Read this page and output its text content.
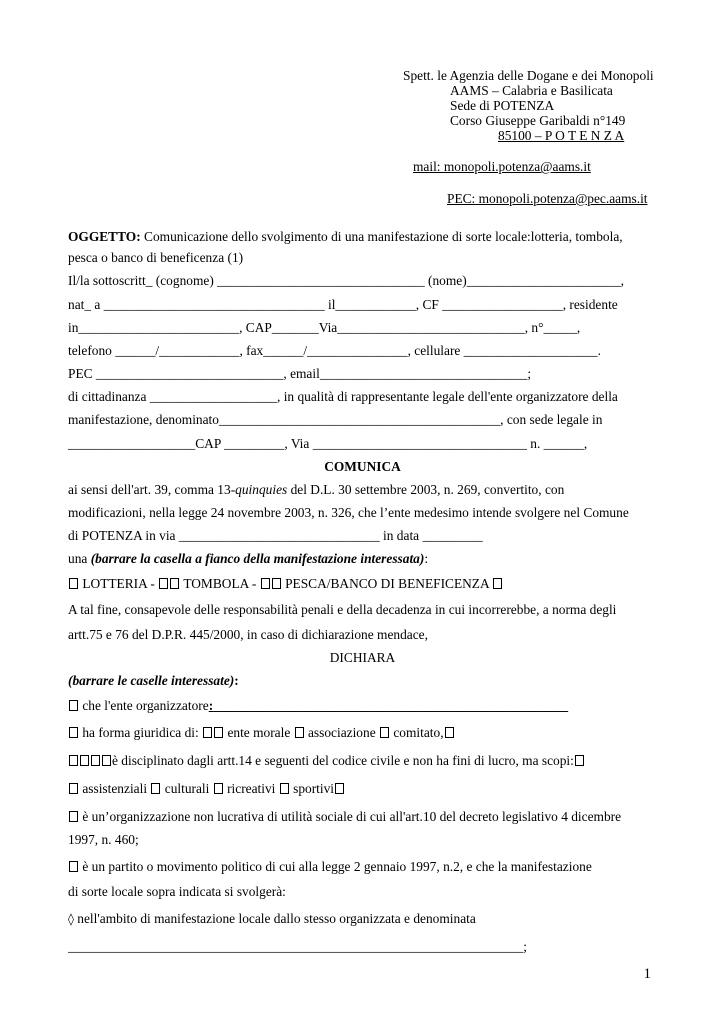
Spett. le Agenzia delle Dogane e dei Monopoli
AAMS – Calabria e Basilicata
Sede di POTENZA
Corso Giuseppe Garibaldi n°149
85100 – P O T E N Z A
mail: monopoli.potenza@aams.it
PEC: monopoli.potenza@pec.aams.it
OGGETTO: Comunicazione dello svolgimento di una manifestazione di sorte locale:lotteria, tombola,
pesca o banco di beneficenza (1)
Il/la sottoscritt_ (cognome) _______________________________ (nome)_______________________,
nat_ a _________________________________ il____________, CF __________________, residente
in________________________, CAP_______Via____________________________, n°_____,
telefono ______/____________, fax______/_______________, cellulare ____________________.
PEC ____________________________, email_______________________________;
di cittadinanza ___________________, in qualità di rappresentante legale dell'ente organizzatore della
manifestazione, denominato__________________________________________, con sede legale in
___________________CAP _________, Via ________________________________ n. ______,
COMUNICA
ai sensi dell'art. 39, comma 13-quinquies del D.L. 30 settembre 2003, n. 269, convertito, con
modificazioni, nella legge 24 novembre 2003, n. 326, che l’ente medesimo intende svolgere nel Comune
di POTENZA in via ______________________________ in data _________
una (barrare la casella a fianco della manifestazione interessata):
LOTTERIA -  TOMBOLA -  PESCA/BANCO DI BENEFICENZA
A tal fine, consapevole delle responsabilità penali e della decadenza in cui incorrerebbe, a norma degli
artt.75 e 76 del D.P.R. 445/2000, in caso di dichiarazione mendace,
DICHIARA
(barrare le caselle interessate):
che l'ente organizzatore:_____________________________________________________
ha forma giuridica di:  ente morale  associazione  comitato,
è disciplinato dagli artt.14 e seguenti del codice civile e non ha fini di lucro, ma scopi:
assistenziali  culturali  ricreativi  sportivi
è un’organizzazione non lucrativa di utilità sociale di cui all'art.10 del decreto legislativo 4 dicembre
1997, n. 460;
è un partito o movimento politico di cui alla legge 2 gennaio 1997, n.2, e che la manifestazione
di sorte locale sopra indicata si svolgerà:
◊ nell'ambito di manifestazione locale dallo stesso organizzata e denominata
____________________________________________________________________;
1
